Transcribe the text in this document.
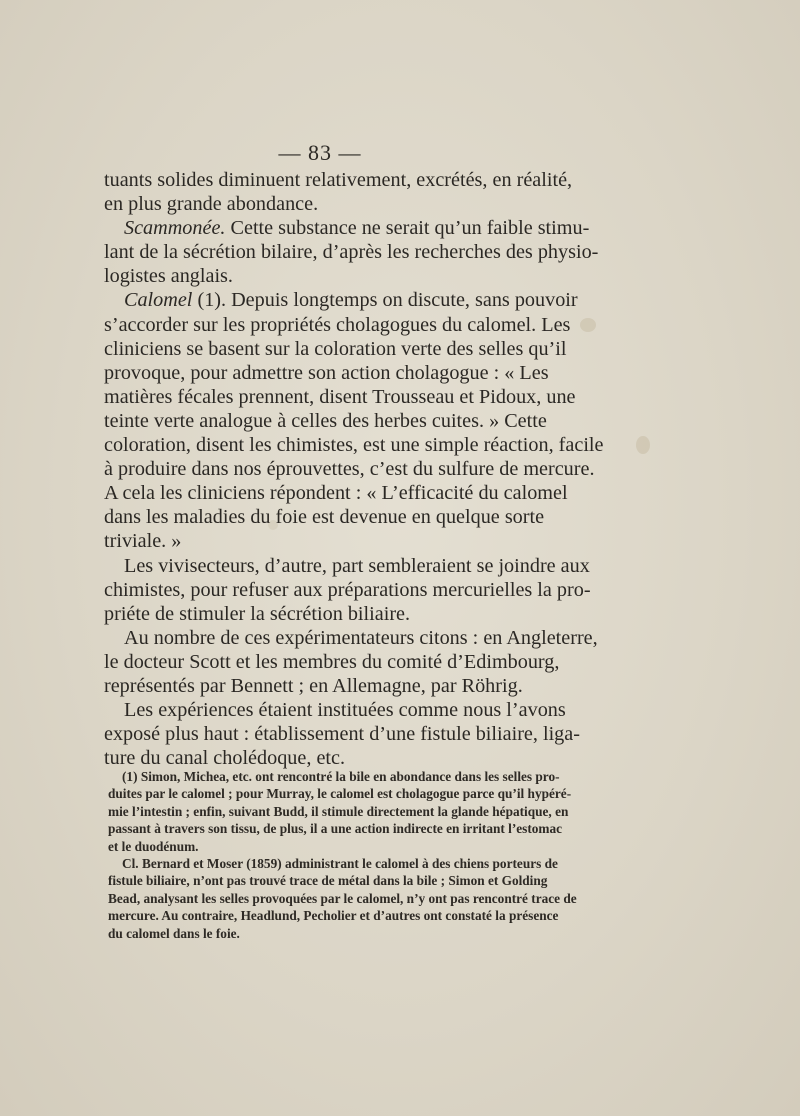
— 83 —

tuants solides diminuent relativement, excrétés, en réalité,
en plus grande abondance.

Scammonée. Cette substance ne serait qu’un faible stimu-
lant de la sécrétion bilaire, d’après les recherches des physio-
logistes anglais.

Calomel (1). Depuis longtemps on discute, sans pouvoir
s’accorder sur les propriétés cholagogues du calomel. Les
cliniciens se basent sur la coloration verte des selles qu’il
provoque, pour admettre son action cholagogue : « Les
matières fécales prennent, disent Trousseau et Pidoux, une
teinte verte analogue à celles des herbes cuites. » Cette
coloration, disent les chimistes, est une simple réaction, facile
à produire dans nos éprouvettes, c’est du sulfure de mercure.
A cela les cliniciens répondent : « L’efficacité du calomel
dans les maladies du foie est devenue en quelque sorte
triviale. »

Les vivisecteurs, d’autre, part sembleraient se joindre aux
chimistes, pour refuser aux préparations mercurielles la pro-
priéte de stimuler la sécrétion biliaire.

Au nombre de ces expérimentateurs citons : en Angleterre,
le docteur Scott et les membres du comité d’Edimbourg,
représentés par Bennett ; en Allemagne, par Röhrig.

Les expériences étaient instituées comme nous l’avons
exposé plus haut : établissement d’une fistule biliaire, liga-
ture du canal cholédoque, etc.

(1) Simon, Michea, etc. ont rencontré la bile en abondance dans les selles pro-
duites par le calomel ; pour Murray, le calomel est cholagogue parce qu’il hypéré-
mie l’intestin ; enfin, suivant Budd, il stimule directement la glande hépatique, en
passant à travers son tissu, de plus, il a une action indirecte en irritant l’estomac
et le duodénum.

Cl. Bernard et Moser (1859) administrant le calomel à des chiens porteurs de
fistule biliaire, n’ont pas trouvé trace de métal dans la bile ; Simon et Golding
Bead, analysant les selles provoquées par le calomel, n’y ont pas rencontré trace de
mercure. Au contraire, Headlund, Pecholier et d’autres ont constaté la présence
du calomel dans le foie.
